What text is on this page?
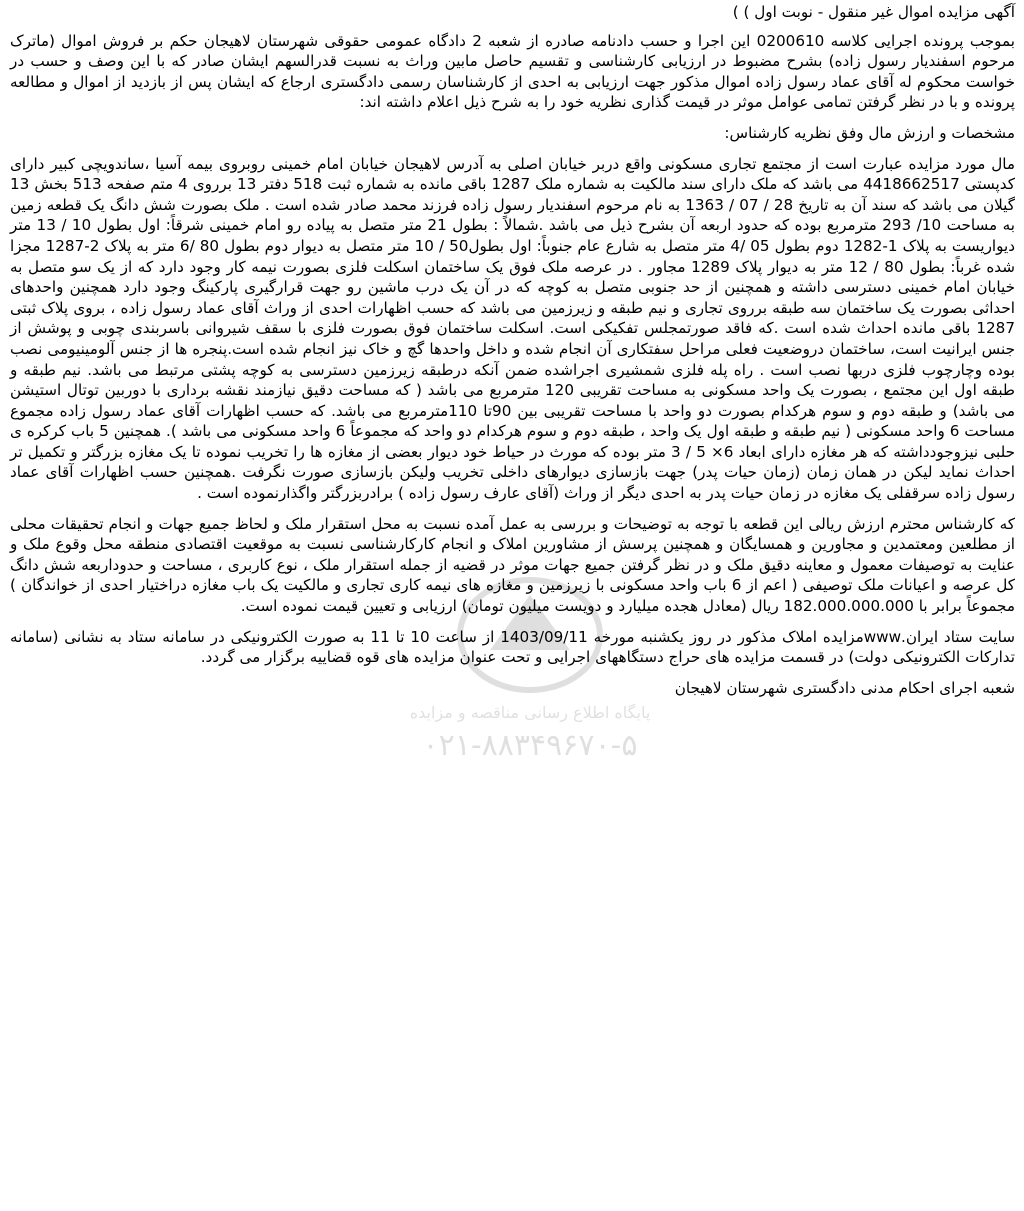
آگهی مزایده اموال غیر منقول - نوبت اول ) )

بموجب پرونده اجرایی کلاسه 0200610 این اجرا و حسب دادنامه صادره از شعبه 2 دادگاه عمومی حقوقی شهرستان لاهیجان حکم بر فروش اموال (ماترک مرحوم اسفندیار رسول زاده) بشرح مضبوط در ارزیابی کارشناسی و تقسیم حاصل مابین وراث به نسبت قدرالسهم ایشان صادر که با این وصف و حسب در خواست محکوم له آقای عماد رسول زاده اموال مذکور جهت ارزیابی به احدی از کارشناسان رسمی دادگستری ارجاع که ایشان پس از بازدید از اموال و مطالعه پرونده و با در نظر گرفتن تمامی عوامل موثر در قیمت گذاری نظریه خود را به شرح ذیل اعلام داشته اند:

مشخصات و ارزش مال وفق نظریه کارشناس:

مال مورد مزایده عبارت است از مجتمع تجاری مسکونی واقع دربر خیابان اصلی به آدرس لاهیجان خیابان امام خمینی روبروی بیمه آسیا ،ساندویچی کبیر دارای کدپستی 4418662517 می باشد که ملک دارای سند مالکیت به شماره ملک 1287 باقی مانده به شماره ثبت 518 دفتر 13 برروی 4 متم صفحه 513 بخش 13 گیلان می باشد که سند آن به تاریخ 28 / 07 / 1363 به نام مرحوم اسفندیار رسول زاده فرزند محمد صادر شده است . ملک بصورت شش دانگ یک قطعه زمین به مساحت 10/ 293 مترمربع بوده که حدود اربعه آن بشرح ذیل می باشد .شمالاً : بطول 21 متر متصل به پیاده رو امام خمینی شرقاً: اول بطول 10 / 13 متر دیواریست به پلاک 1-1282 دوم بطول 05 /4 متر متصل به شارع عام جنوباً: اول بطول50 / 10 متر متصل به دیوار دوم بطول 80 /6 متر به پلاک 2-1287 مجزا شده غرباً: بطول 80 / 12 متر به دیوار پلاک 1289 مجاور . در عرصه ملک فوق یک ساختمان اسکلت فلزی بصورت نیمه کار وجود دارد که از یک سو متصل به خیابان امام خمینی دسترسی داشته و همچنین از حد جنوبی متصل به کوچه که در آن یک درب ماشین رو جهت قرارگیری پارکینگ وجود دارد همچنین واحدهای احداثی بصورت یک ساختمان سه طبقه برروی تجاری و نیم طبقه و زیرزمین می باشد که حسب اظهارات احدی از وراث آقای عماد رسول زاده ، بروی پلاک ثبتی 1287 باقی مانده احداث شده است .که فاقد صورتمجلس تفکیکی است. اسکلت ساختمان فوق بصورت فلزی با سقف شیروانی باسربندی چوبی و پوشش از جنس ایرانیت است، ساختمان دروضعیت فعلی مراحل سفتکاری آن انجام شده و داخل واحدها گچ و خاک نیز انجام شده است.پنجره ها از جنس آلومینیومی نصب بوده وچارچوب فلزی دربها نصب است . راه پله فلزی شمشیری اجراشده ضمن آنکه درطبقه زیرزمین دسترسی به کوچه پشتی مرتبط می باشد. نیم طبقه و طبقه اول این مجتمع ، بصورت یک واحد مسکونی به مساحت تقریبی 120 مترمربع می باشد ( که مساحت دقیق نیازمند نقشه برداری با دوربین توتال استیشن می باشد) و طبقه دوم و سوم هرکدام بصورت دو واحد با مساحت تقریبی بین 90تا 110مترمربع می باشد. که حسب اظهارات آقای عماد رسول زاده مجموع مساحت 6 واحد مسکونی ( نیم طبقه و طبقه اول یک واحد ، طبقه دوم و سوم هرکدام دو واحد که مجموعاً 6 واحد مسکونی می باشد ). همچنین 5 باب کرکره ی حلبی نیزوجودداشته که هر مغازه دارای ابعاد 6× 5 / 3 متر بوده که مورث در حیاط خود دیوار بعضی از مغازه ها را تخریب نموده تا یک مغازه بزرگتر و تکمیل تر احداث نماید لیکن در همان زمان (زمان حیات پدر) جهت بازسازی دیوارهای داخلی تخریب ولیکن بازسازی صورت نگرفت .همچنین حسب اظهارات آقای عماد رسول زاده سرقفلی یک مغازه در زمان حیات پدر به احدی دیگر از وراث (آقای عارف رسول زاده ) برادربزرگتر واگذارنموده است .

که کارشناس محترم ارزش ریالی این قطعه با توجه به توضیحات و بررسی به عمل آمده نسبت به محل استقرار ملک و لحاظ جمیع جهات و انجام تحقیقات محلی از مطلعین ومعتمدین و مجاورین و همسایگان و همچنین پرسش از مشاورین املاک و انجام کارکارشناسی نسبت به موقعیت اقتصادی منطقه محل وقوع ملک و عنایت به توصیفات معمول و معاینه دقیق ملک و در نظر گرفتن جمیع جهات موثر در قضیه از جمله استقرار ملک ، نوع کاربری ، مساحت و حدوداربعه شش دانگ کل عرصه و اعیانات ملک توصیفی ( اعم از 6 باب واحد مسکونی با زیرزمین و مغازه های نیمه کاری تجاری و مالکیت یک باب مغازه دراختیار احدی از خواندگان ) مجموعاً برابر با 182.000.000.000 ریال (معادل هجده میلیارد و دویست میلیون تومان) ارزیابی و تعیین قیمت نموده است.

سایت ستاد ایران.wwwمزایده املاک مذکور در روز یکشنبه مورخه 1403/09/11 از ساعت 10 تا 11 به صورت الکترونیکی در سامانه ستاد به نشانی (سامانه تدارکات الکترونیکی دولت) در قسمت مزایده های حراج دستگاههای اجرایی و تحت عنوان مزایده های قوه قضاییه برگزار می گردد.

شعبه اجرای احکام مدنی دادگستری شهرستان لاهیجان

پایگاه اطلاع رسانی مناقصه و مزایده
۰۲۱-۸۸۳۴۹۶۷۰-۵
